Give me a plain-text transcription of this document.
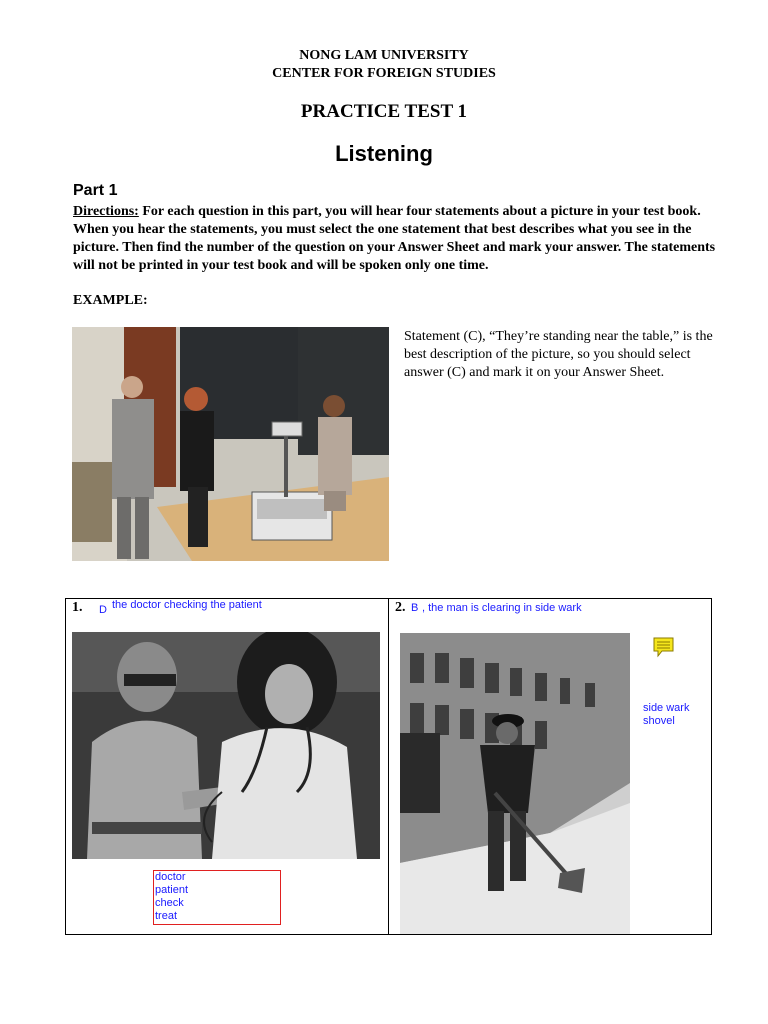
NONG LAM UNIVERSITY
CENTER FOR FOREIGN STUDIES
PRACTICE TEST 1
Listening
Part 1
Directions: For each question in this part, you will hear four statements about a picture in your test book. When you hear the statements, you must select the one statement that best describes what you see in the picture. Then find the number of the question on your Answer Sheet and mark your answer. The statements will not be printed in your test book and will be spoken only one time.
EXAMPLE:
Statement (C), “They’re standing near the table,” is the best description of the picture, so you should select answer (C) and mark it on your Answer Sheet.
1. D the doctor checking the patient	2. B , the man is clearing in side wark
doctor
patient
check
treat
side wark
shovel
